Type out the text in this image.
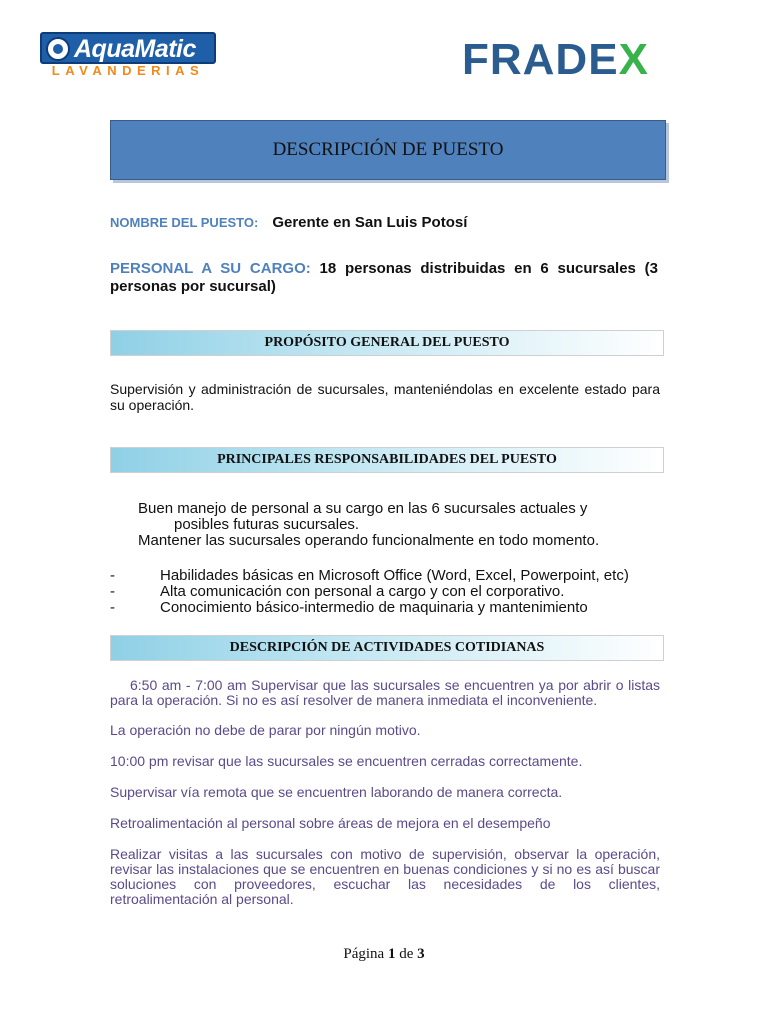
AquaMatic
LAVANDERIAS	FRADEX
DESCRIPCIÓN DE PUESTO
NOMBRE DEL PUESTO: Gerente en San Luis Potosí
PERSONAL A SU CARGO: 18 personas distribuidas en 6 sucursales (3 personas por sucursal)
PROPÓSITO GENERAL DEL PUESTO
Supervisión y administración de sucursales, manteniéndolas en excelente estado para su operación.
PRINCIPALES RESPONSABILIDADES DEL PUESTO
Buen manejo de personal a su cargo en las 6 sucursales actuales y
posibles futuras sucursales.
Mantener las sucursales operando funcionalmente en todo momento.
-	Habilidades básicas en Microsoft Office (Word, Excel, Powerpoint, etc)
-	Alta comunicación con personal a cargo y con el corporativo.
-	Conocimiento básico-intermedio de maquinaria y mantenimiento
DESCRIPCIÓN DE ACTIVIDADES COTIDIANAS
6:50 am - 7:00 am Supervisar que las sucursales se encuentren ya por abrir o listas para la operación. Si no es así resolver de manera inmediata el inconveniente.
La operación no debe de parar por ningún motivo.
10:00 pm revisar que las sucursales se encuentren cerradas correctamente.
Supervisar vía remota que se encuentren laborando de manera correcta.
Retroalimentación al personal sobre áreas de mejora en el desempeño
Realizar visitas a las sucursales con motivo de supervisión, observar la operación, revisar las instalaciones que se encuentren en buenas condiciones y si no es así buscar soluciones con proveedores, escuchar las necesidades de los clientes, retroalimentación al personal.
Página 1 de 3
